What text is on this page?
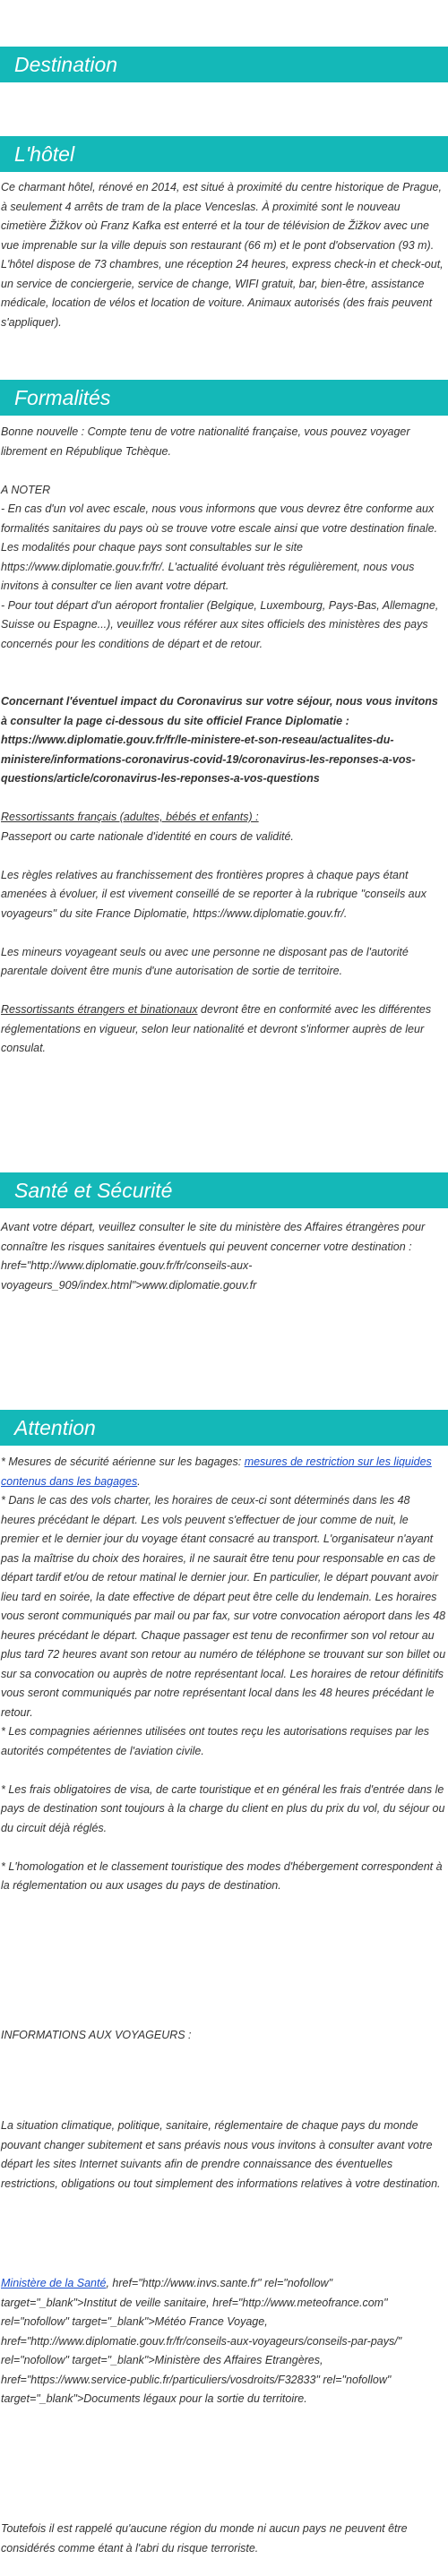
Destination
L'hôtel

Ce charmant hôtel, rénové en 2014, est situé à proximité du centre historique de Prague, à seulement 4 arrêts de tram de la place Venceslas. À proximité sont le nouveau cimetière Žižkov où Franz Kafka est enterré et la tour de télévision de Žižkov avec une vue imprenable sur la ville depuis son restaurant (66 m) et le pont d'observation (93 m). L'hôtel dispose de 73 chambres, une réception 24 heures, express check-in et check-out, un service de conciergerie, service de change, WIFI gratuit, bar, bien-être, assistance médicale, location de vélos et location de voiture. Animaux autorisés (des frais peuvent s'appliquer).

Formalités

Bonne nouvelle : Compte tenu de votre nationalité française, vous pouvez voyager librement en République Tchèque.

A NOTER

- En cas d'un vol avec escale, nous vous informons que vous devrez être conforme aux formalités sanitaires du pays où se trouve votre escale ainsi que votre destination finale.

Les modalités pour chaque pays sont consultables sur le site https://www.diplomatie.gouv.fr/fr/. L'actualité évoluant très régulièrement, nous vous invitons à consulter ce lien avant votre départ.

- Pour tout départ d'un aéroport frontalier (Belgique, Luxembourg, Pays-Bas, Allemagne, Suisse ou Espagne...), veuillez vous référer aux sites officiels des ministères des pays concernés pour les conditions de départ et de retour.

Concernant l'éventuel impact du Coronavirus sur votre séjour, nous vous invitons à consulter la page ci-dessous du site officiel France Diplomatie : https://www.diplomatie.gouv.fr/fr/le-ministere-et-son-reseau/actualites-du-ministere/informations-coronavirus-covid-19/coronavirus-les-reponses-a-vos-questions/article/coronavirus-les-reponses-a-vos-questions

Ressortissants français (adultes, bébés et enfants) :

Passeport ou carte nationale d'identité en cours de validité.

Les règles relatives au franchissement des frontières propres à chaque pays étant amenées à évoluer, il est vivement conseillé de se reporter à la rubrique "conseils aux voyageurs" du site France Diplomatie, https://www.diplomatie.gouv.fr/.

Les mineurs voyageant seuls ou avec une personne ne disposant pas de l'autorité parentale doivent être munis d'une autorisation de sortie de territoire.

Ressortissants étrangers et binationaux devront être en conformité avec les différentes réglementations en vigueur, selon leur nationalité et devront s'informer auprès de leur consulat.

Santé et Sécurité

Avant votre départ, veuillez consulter le site du ministère des Affaires étrangères pour connaître les risques sanitaires éventuels qui peuvent concerner votre destination : href="http://www.diplomatie.gouv.fr/fr/conseils-aux-voyageurs_909/index.html">www.diplomatie.gouv.fr

Attention

* Mesures de sécurité aérienne sur les bagages: mesures de restriction sur les liquides contenus dans les bagages.

* Dans le cas des vols charter, les horaires de ceux-ci sont déterminés dans les 48 heures précédant le départ. Les vols peuvent s'effectuer de jour comme de nuit, le premier et le dernier jour du voyage étant consacré au transport. L'organisateur n'ayant pas la maîtrise du choix des horaires, il ne saurait être tenu pour responsable en cas de départ tardif et/ou de retour matinal le dernier jour. En particulier, le départ pouvant avoir lieu tard en soirée, la date effective de départ peut être celle du lendemain. Les horaires vous seront communiqués par mail ou par fax, sur votre convocation aéroport dans les 48 heures précédant le départ. Chaque passager est tenu de reconfirmer son vol retour au plus tard 72 heures avant son retour au numéro de téléphone se trouvant sur son billet ou sur sa convocation ou auprès de notre représentant local. Les horaires de retour définitifs vous seront communiqués par notre représentant local dans les 48 heures précédant le retour.

* Les compagnies aériennes utilisées ont toutes reçu les autorisations requises par les autorités compétentes de l'aviation civile.

* Les frais obligatoires de visa, de carte touristique et en général les frais d'entrée dans le pays de destination sont toujours à la charge du client en plus du prix du vol, du séjour ou du circuit déjà réglés.

* L'homologation et le classement touristique des modes d'hébergement correspondent à la réglementation ou aux usages du pays de destination.

INFORMATIONS AUX VOYAGEURS :

La situation climatique, politique, sanitaire, réglementaire de chaque pays du monde pouvant changer subitement et sans préavis nous vous invitons à consulter avant votre départ les sites Internet suivants afin de prendre connaissance des éventuelles restrictions, obligations ou tout simplement des informations relatives à votre destination.

Ministère de la Santé, href="http://www.invs.sante.fr" rel="nofollow" target="_blank">Institut de veille sanitaire, href="http://www.meteofrance.com" rel="nofollow" target="_blank">Météo France Voyage, href="http://www.diplomatie.gouv.fr/fr/conseils-aux-voyageurs/conseils-par-pays/" rel="nofollow" target="_blank">Ministère des Affaires Etrangères, href="https://www.service-public.fr/particuliers/vosdroits/F32833" rel="nofollow" target="_blank">Documents légaux pour la sortie du territoire.

Toutefois il est rappelé qu'aucune région du monde ni aucun pays ne peuvent être considérés comme étant à l'abri du risque terroriste.
